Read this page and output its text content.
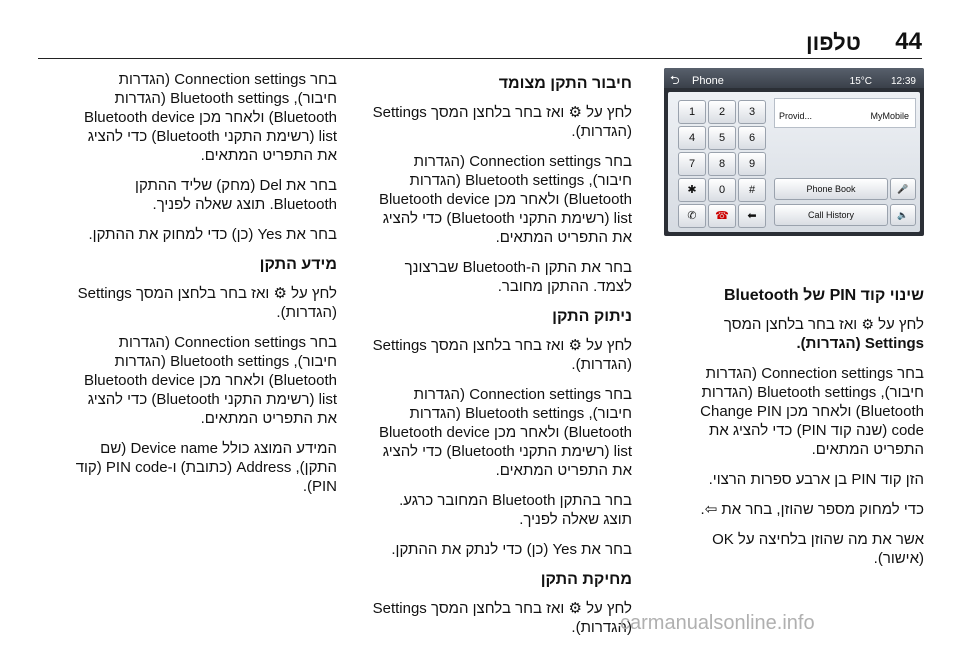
44
טלפון
⮌ Phone	15°C 12:39
1	2	3
4	5	6
7	8	9
✱	0	#
✆	☎	⬅
Provid...	MyMobile
Phone Book	🎤
Call History	🔈
שינוי קוד PIN של Bluetooth

לחץ על ⚙ ואז בחר בלחצן המסך Settings (הגדרות).

בחר Connection settings (הגדרות חיבור), Bluetooth settings (הגדרות Bluetooth) ולאחר מכן Change PIN code (שנה קוד PIN) כדי להציג את התפריט המתאים.

הזן קוד PIN בן ארבע ספרות הרצוי.

כדי למחוק מספר שהוזן, בחר את ⇦.

אשר את מה שהוזן בלחיצה על OK (אישור).

חיבור התקן מצומד

לחץ על ⚙ ואז בחר בלחצן המסך Settings (הגדרות).

בחר Connection settings (הגדרות חיבור), Bluetooth settings (הגדרות Bluetooth) ולאחר מכן Bluetooth device list (רשימת התקני Bluetooth) כדי להציג את התפריט המתאים.

בחר את התקן ה-Bluetooth שברצונך לצמד. ההתקן מחובר.

ניתוק התקן

לחץ על ⚙ ואז בחר בלחצן המסך Settings (הגדרות).

בחר Connection settings (הגדרות חיבור), Bluetooth settings (הגדרות Bluetooth) ולאחר מכן Bluetooth device list (רשימת התקני Bluetooth) כדי להציג את התפריט המתאים.

בחר בהתקן Bluetooth המחובר כרגע. תוצג שאלה לפניך.

בחר את Yes (כן) כדי לנתק את ההתקן.

מחיקת התקן

לחץ על ⚙ ואז בחר בלחצן המסך Settings (הגדרות).

בחר Connection settings (הגדרות חיבור), Bluetooth settings (הגדרות Bluetooth) ולאחר מכן Bluetooth device list (רשימת התקני Bluetooth) כדי להציג את התפריט המתאים.

בחר את Del (מחק) שליד ההתקן Bluetooth. תוצג שאלה לפניך.

בחר את Yes (כן) כדי למחוק את ההתקן.

מידע התקן

לחץ על ⚙ ואז בחר בלחצן המסך Settings (הגדרות).

בחר Connection settings (הגדרות חיבור), Bluetooth settings (הגדרות Bluetooth) ולאחר מכן Bluetooth device list (רשימת התקני Bluetooth) כדי להציג את התפריט המתאים.

המידע המוצג כולל Device name (שם התקן), Address (כתובת) ו-PIN code (קוד PIN).

carmanualsonline.info
